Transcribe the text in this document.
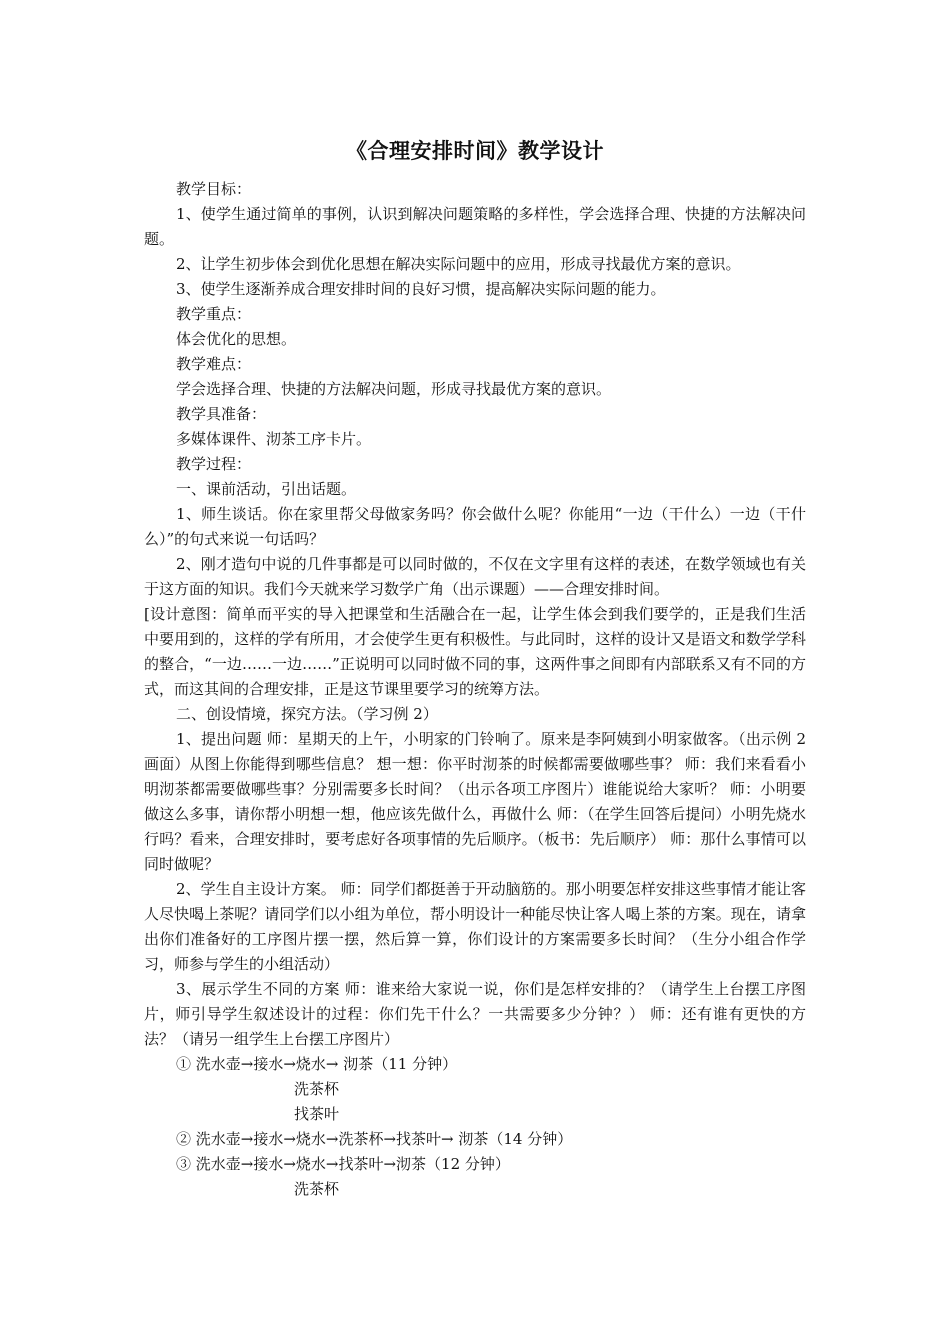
《合理安排时间》教学设计

教学目标：

1、使学生通过简单的事例，认识到解决问题策略的多样性，学会选择合理、快捷的方法解决问题。

2、让学生初步体会到优化思想在解决实际问题中的应用，形成寻找最优方案的意识。

3、使学生逐渐养成合理安排时间的良好习惯，提高解决实际问题的能力。

教学重点：

体会优化的思想。

教学难点：

学会选择合理、快捷的方法解决问题，形成寻找最优方案的意识。

教学具准备：

多媒体课件、沏茶工序卡片。

教学过程：

一、课前活动，引出话题。

1、师生谈话。你在家里帮父母做家务吗？你会做什么呢？你能用“一边（干什么）一边（干什么）”的句式来说一句话吗？

2、刚才造句中说的几件事都是可以同时做的，不仅在文字里有这样的表述，在数学领域也有关于这方面的知识。我们今天就来学习数学广角（出示课题）——合理安排时间。

[设计意图：简单而平实的导入把课堂和生活融合在一起，让学生体会到我们要学的，正是我们生活中要用到的，这样的学有所用，才会使学生更有积极性。与此同时，这样的设计又是语文和数学学科的整合，“一边……一边……”正说明可以同时做不同的事，这两件事之间即有内部联系又有不同的方式，而这其间的合理安排，正是这节课里要学习的统筹方法。

二、创设情境，探究方法。（学习例 2）

1、提出问题 师：星期天的上午，小明家的门铃响了。原来是李阿姨到小明家做客。（出示例 2 画面）从图上你能得到哪些信息？ 想一想：你平时沏茶的时候都需要做哪些事？ 师：我们来看看小明沏茶都需要做哪些事？分别需要多长时间？（出示各项工序图片）谁能说给大家听？ 师：小明要做这么多事，请你帮小明想一想，他应该先做什么，再做什么 师：（在学生回答后提问）小明先烧水行吗？看来，合理安排时，要考虑好各项事情的先后顺序。（板书：先后顺序） 师：那什么事情可以同时做呢？

2、学生自主设计方案。 师：同学们都挺善于开动脑筋的。那小明要怎样安排这些事情才能让客人尽快喝上茶呢？请同学们以小组为单位，帮小明设计一种能尽快让客人喝上茶的方案。现在，请拿出你们准备好的工序图片摆一摆，然后算一算，你们设计的方案需要多长时间？（生分小组合作学习，师参与学生的小组活动）

3、展示学生不同的方案 师：谁来给大家说一说，你们是怎样安排的？（请学生上台摆工序图片，师引导学生叙述设计的过程：你们先干什么？一共需要多少分钟？） 师：还有谁有更快的方法？（请另一组学生上台摆工序图片）

① 洗水壶→接水→烧水→ 沏茶（11 分钟）

洗茶杯

找茶叶

② 洗水壶→接水→烧水→洗茶杯→找茶叶→ 沏茶（14 分钟）

③ 洗水壶→接水→烧水→找茶叶→沏茶（12 分钟）

洗茶杯
